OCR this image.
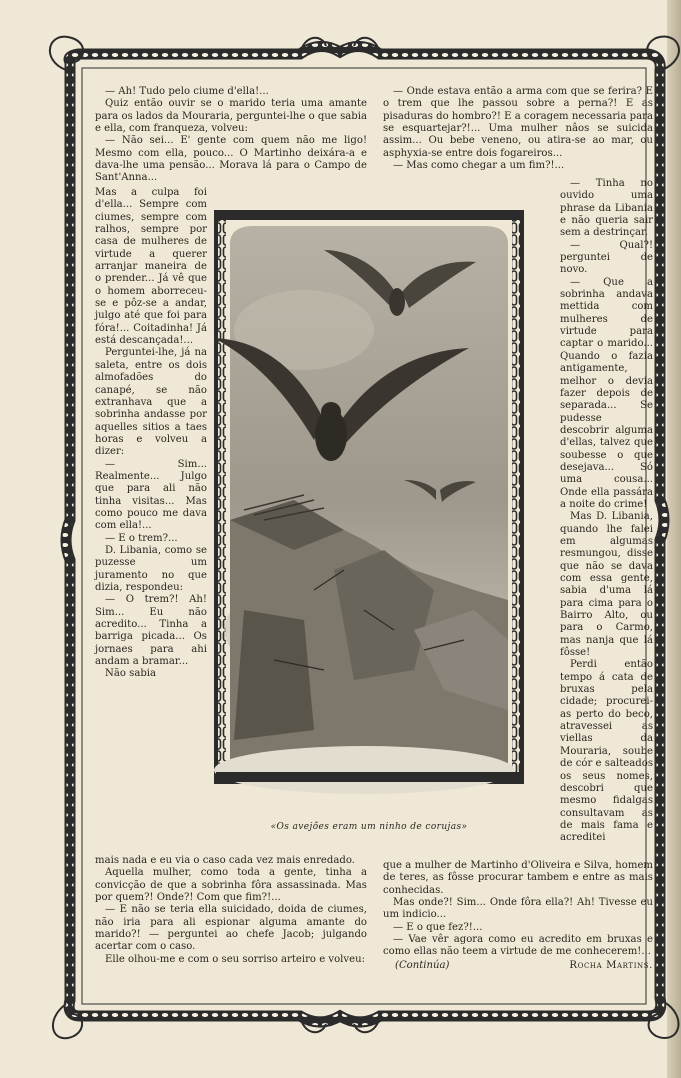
— Ah! Tudo pelo ciume d'ella!...

Quiz então ouvir se o marido teria uma amante para os lados da Mouraria, perguntei-lhe o que sabia e ella, com franqueza, volveu:

— Não sei... E' gente com quem não me ligo! Mesmo com ella, pouco... O Martinho deixára-a e dava-lhe uma pensão... Morava lá para o Campo de Sant'Anna...

— Onde estava então a arma com que se ferira? E o trem que lhe passou sobre a perna?! E as pisaduras do hombro?! E a coragem necessaria para se esquartejar?!... Uma mulher nâos se suicida assim... Ou bebe veneno, ou atira-se ao mar, ou asphyxia-se entre dois fogareiros...

— Mas como chegar a um fim?!...

Mas a culpa foi d'ella... Sempre com ciumes, sempre com ralhos, sempre por casa de mulheres de virtude a querer arranjar maneira de o prender... Já vê que o homem aborreceu-se e pôz-se a andar, julgo até que foi para fóra!... Coitadinha! Já está descançada!...

Perguntei-lhe, já na saleta, entre os dois almofadões do canapé, se não extranhava que a sobrinha andasse por aquelles sitios a taes horas e volveu a dizer:

— Sim... Realmente... Julgo que para ali não tinha visitas... Mas como pouco me dava com ella!...

— E o trem?...

D. Libania, como se puzesse um juramento no que dizia, respondeu:

— O trem?! Ah! Sim... Eu não acredito... Tinha a barriga picada... Os jornaes para ahi andam a bramar...

Não sabia

— Tinha no ouvido uma phrase da Libania e não queria sair sem a destrinçar.

— Qual?! perguntei de novo.

— Que a sobrinha andava mettida com mulheres de virtude para captar o marido... Quando o fazia antigamente, melhor o devia fazer depois de separada... Se pudesse descobrir alguma d'ellas, talvez que soubesse o que desejava... Só uma cousa... Onde ella passára a noite do crime!

Mas D. Libania, quando lhe falei em algumas resmungou, disse que não se dava com essa gente, sabia d'uma lá para cima para o Bairro Alto, ou para o Carmo, mas nanja que lá fôsse!

Perdi então tempo á cata de bruxas pela cidade; procurei-as perto do beco, atravessei as viellas da Mouraria, soube de cór e salteados os seus nomes, descobri que mesmo fidalgas consultavam as de mais fama e acreditei

«Os avejões eram um ninho de corujas»

mais nada e eu via o caso cada vez mais enredado.

Aquella mulher, como toda a gente, tinha a convicção de que a sobrinha fôra assassinada. Mas por quem?! Onde?! Com que fim?!...

— E não se teria ella suicidado, doida de ciumes, não iria para ali espionar alguma amante do marido?! — perguntei ao chefe Jacob; julgando acertar com o caso.

Elle olhou-me e com o seu sorriso arteiro e volveu:

que a mulher de Martinho d'Oliveira e Silva, homem de teres, as fôsse procurar tambem e entre as mais conhecidas.

Mas onde?! Sim... Onde fôra ella?! Ah! Tivesse eu um indicio...

— E o que fez?!...

— Vae vêr agora como eu acredito em bruxas e como ellas não teem a virtude de me conhecerem!...

(Continúa)	Rocha Martins.
